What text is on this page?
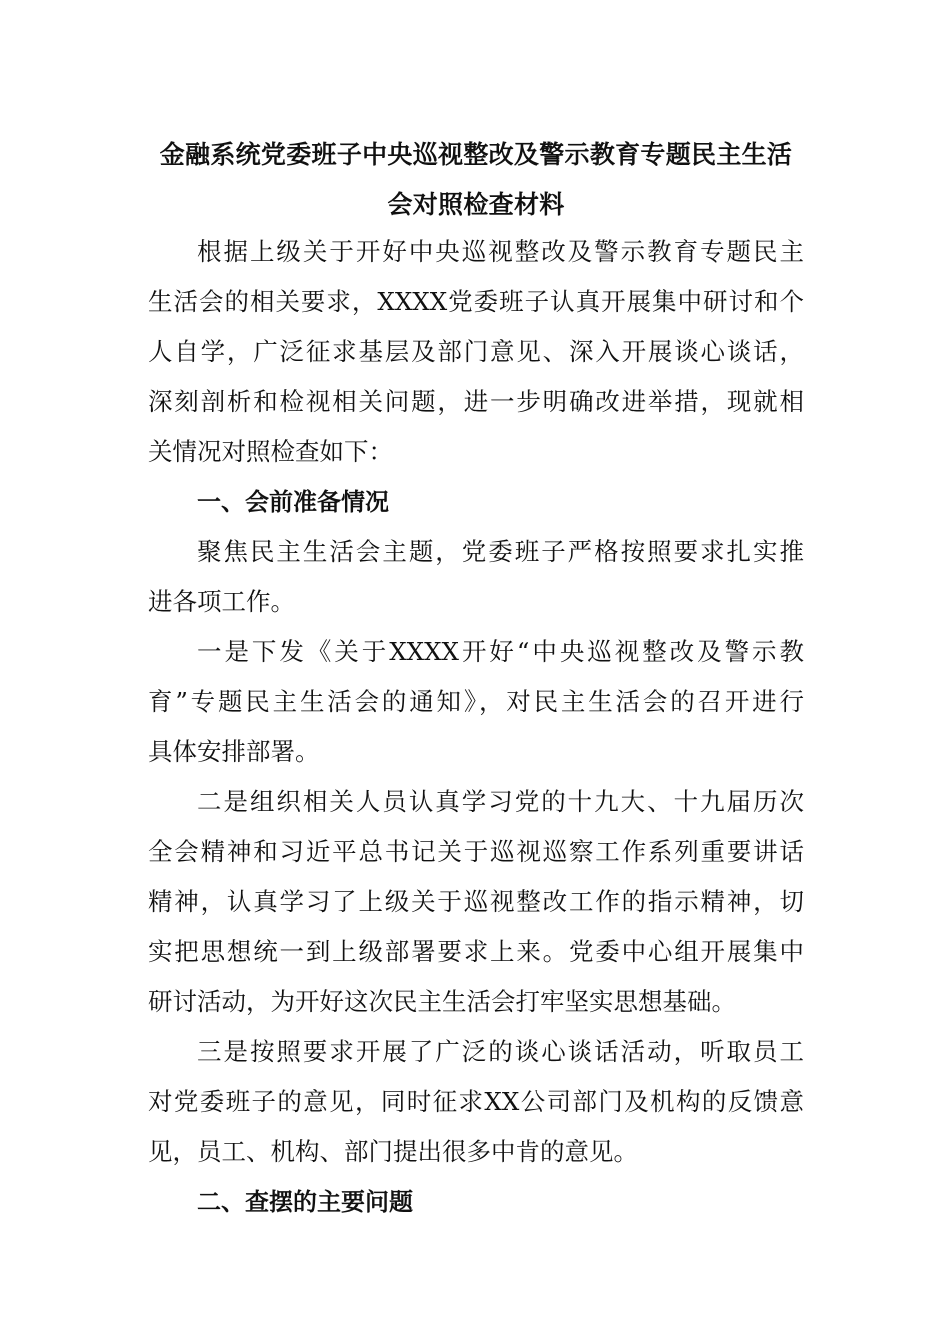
金融系统党委班子中央巡视整改及警示教育专题民主生活
会对照检查材料
根据上级关于开好中央巡视整改及警示教育专题民主
生活会的相关要求，XXXX党委班子认真开展集中研讨和个
人自学，广泛征求基层及部门意见、深入开展谈心谈话，
深刻剖析和检视相关问题，进一步明确改进举措，现就相
关情况对照检查如下：
一、会前准备情况
聚焦民主生活会主题，党委班子严格按照要求扎实推
进各项工作。
一是下发《关于XXXX开好“中央巡视整改及警示教
育”专题民主生活会的通知》，对民主生活会的召开进行
具体安排部署。
二是组织相关人员认真学习党的十九大、十九届历次
全会精神和习近平总书记关于巡视巡察工作系列重要讲话
精神，认真学习了上级关于巡视整改工作的指示精神，切
实把思想统一到上级部署要求上来。党委中心组开展集中
研讨活动，为开好这次民主生活会打牢坚实思想基础。
三是按照要求开展了广泛的谈心谈话活动，听取员工
对党委班子的意见，同时征求XX公司部门及机构的反馈意
见，员工、机构、部门提出很多中肯的意见。
二、查摆的主要问题
